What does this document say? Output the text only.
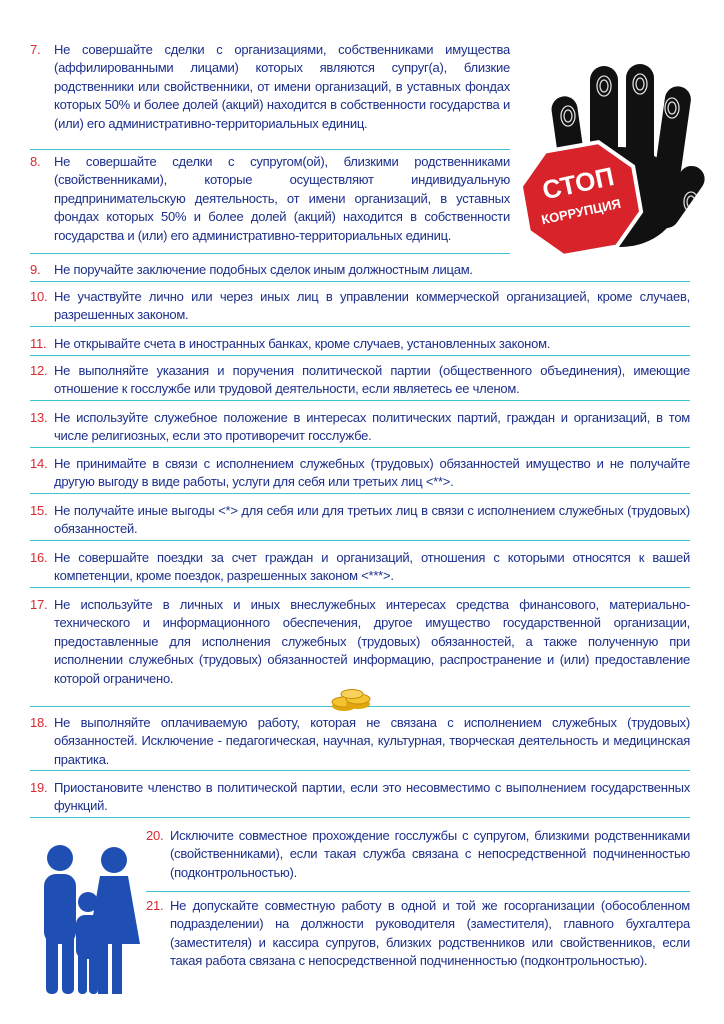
7.	Не совершайте сделки с организациями, собственниками имущества (аффилированными лицами) которых являются супруг(а), близкие родственники или свойственники, от имени организаций, в уставных фондах которых 50% и более долей (акций) находится в собственности государства и (или) его административно-территориальных единиц.
8.	Не совершайте сделки с супругом(ой), близкими родственниками (свойственниками), которые осуществляют индивидуальную предпринимательскую деятельность, от имени организаций, в уставных фондах которых 50% и более долей (акций) находится в собственности государства и (или) его административно-территориальных единиц.
9.	Не поручайте заключение подобных сделок иным должностным лицам.
10. Не участвуйте лично или через иных лиц в управлении коммерческой организацией, кроме случаев, разрешенных законом.
11. Не открывайте счета в иностранных банках, кроме случаев, установленных законом.
12. Не выполняйте указания и поручения политической партии (общественного объединения), имеющие отношение к госслужбе или трудовой деятельности, если являетесь ее членом.
13. Не используйте служебное положение в интересах политических партий, граждан и организаций, в том числе религиозных, если это противоречит госслужбе.
14. Не принимайте в связи с исполнением служебных (трудовых) обязанностей имущество и не получайте другую выгоду в виде работы, услуги для себя или третьих лиц <**>.
15. Не получайте иные выгоды <*> для себя или для третьих лиц в связи с исполнением служебных (трудовых) обязанностей.
16. Не совершайте поездки за счет граждан и организаций, отношения с которыми относятся к вашей компетенции, кроме поездок, разрешенных законом <***>.
17. Не используйте в личных и иных внеслужебных интересах средства финансового, материально-технического и информационного обеспечения, другое имущество государственной организации, предоставленные для исполнения служебных (трудовых) обязанностей, а также полученную при исполнении служебных (трудовых) обязанностей информацию, распространение и (или) предоставление которой ограничено.
18. Не выполняйте оплачиваемую работу, которая не связана с исполнением служебных (трудовых) обязанностей. Исключение - педагогическая, научная, культурная, творческая деятельность и медицинская практика.
19. Приостановите членство в политической партии, если это несовместимо с выполнением государственных функций.
20. Исключите совместное прохождение госслужбы с супругом, близкими родственниками (свойственниками), если такая служба связана с непосредственной подчиненностью (подконтрольностью).
21. Не допускайте совместную работу в одной и той же госорганизации (обособленном подразделении) на должности руководителя (заместителя), главного бухгалтера (заместителя) и кассира супругов, близких родственников или свойственников, если такая работа связана с непосредственной подчиненностью (подконтрольностью).
СТОП
КОРРУПЦИЯ
